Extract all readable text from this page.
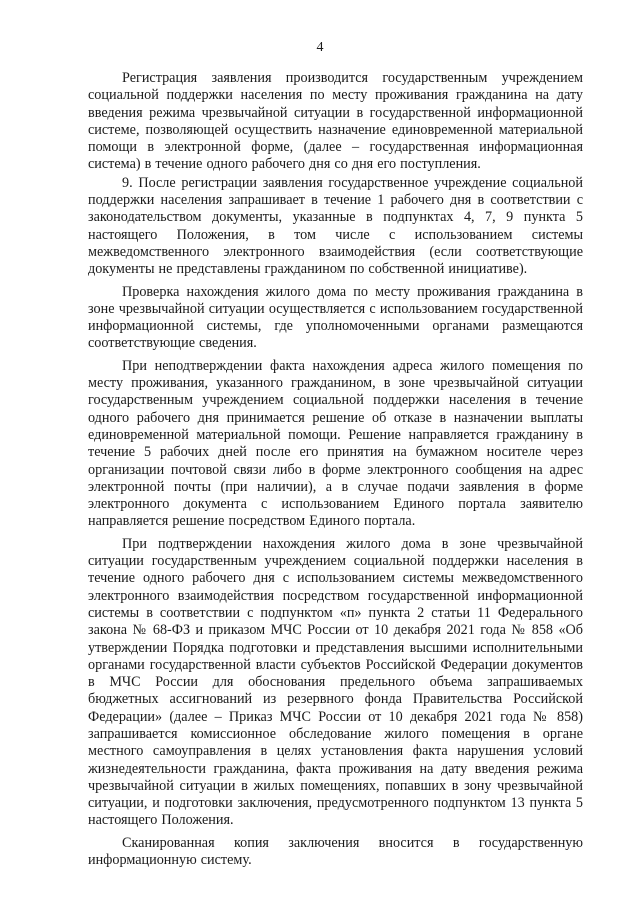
4

Регистрация заявления производится государственным учреждением социальной поддержки населения по месту проживания гражданина на дату введения режима чрезвычайной ситуации в государственной информационной системе, позволяющей осуществить назначение единовременной материальной помощи в электронной форме, (далее – государственная информационная система) в течение одного рабочего дня со дня его поступления.

9. После регистрации заявления государственное учреждение социальной поддержки населения запрашивает в течение 1 рабочего дня в соответствии с законодательством документы, указанные в подпунктах 4, 7, 9 пункта 5 настоящего Положения, в том числе с использованием системы межведомственного электронного взаимодействия (если соответствующие документы не представлены гражданином по собственной инициативе).

Проверка нахождения жилого дома по месту проживания гражданина в зоне чрезвычайной ситуации осуществляется с использованием государственной информационной системы, где уполномоченными органами размещаются соответствующие сведения.

При неподтверждении факта нахождения адреса жилого помещения по месту проживания, указанного гражданином, в зоне чрезвычайной ситуации государственным учреждением социальной поддержки населения в течение одного рабочего дня принимается решение об отказе в назначении выплаты единовременной материальной помощи. Решение направляется гражданину в течение 5 рабочих дней после его принятия на бумажном носителе через организации почтовой связи либо в форме электронного сообщения на адрес электронной почты (при наличии), а в случае подачи заявления в форме электронного документа с использованием Единого портала заявителю направляется решение посредством Единого портала.

При подтверждении нахождения жилого дома в зоне чрезвычайной ситуации государственным учреждением социальной поддержки населения в течение одного рабочего дня с использованием системы межведомственного электронного взаимодействия посредством государственной информационной системы в соответствии с подпунктом «п» пункта 2 статьи 11 Федерального закона № 68-ФЗ и приказом МЧС России от 10 декабря 2021 года № 858 «Об утверждении Порядка подготовки и представления высшими исполнительными органами государственной власти субъектов Российской Федерации документов в МЧС России для обоснования предельного объема запрашиваемых бюджетных ассигнований из резервного фонда Правительства Российской Федерации» (далее – Приказ МЧС России от 10 декабря 2021 года № 858) запрашивается комиссионное обследование жилого помещения в органе местного самоуправления в целях установления факта нарушения условий жизнедеятельности гражданина, факта проживания на дату введения режима чрезвычайной ситуации в жилых помещениях, попавших в зону чрезвычайной ситуации, и подготовки заключения, предусмотренного подпунктом 13 пункта 5 настоящего Положения.

Сканированная копия заключения вносится в государственную информационную систему.
